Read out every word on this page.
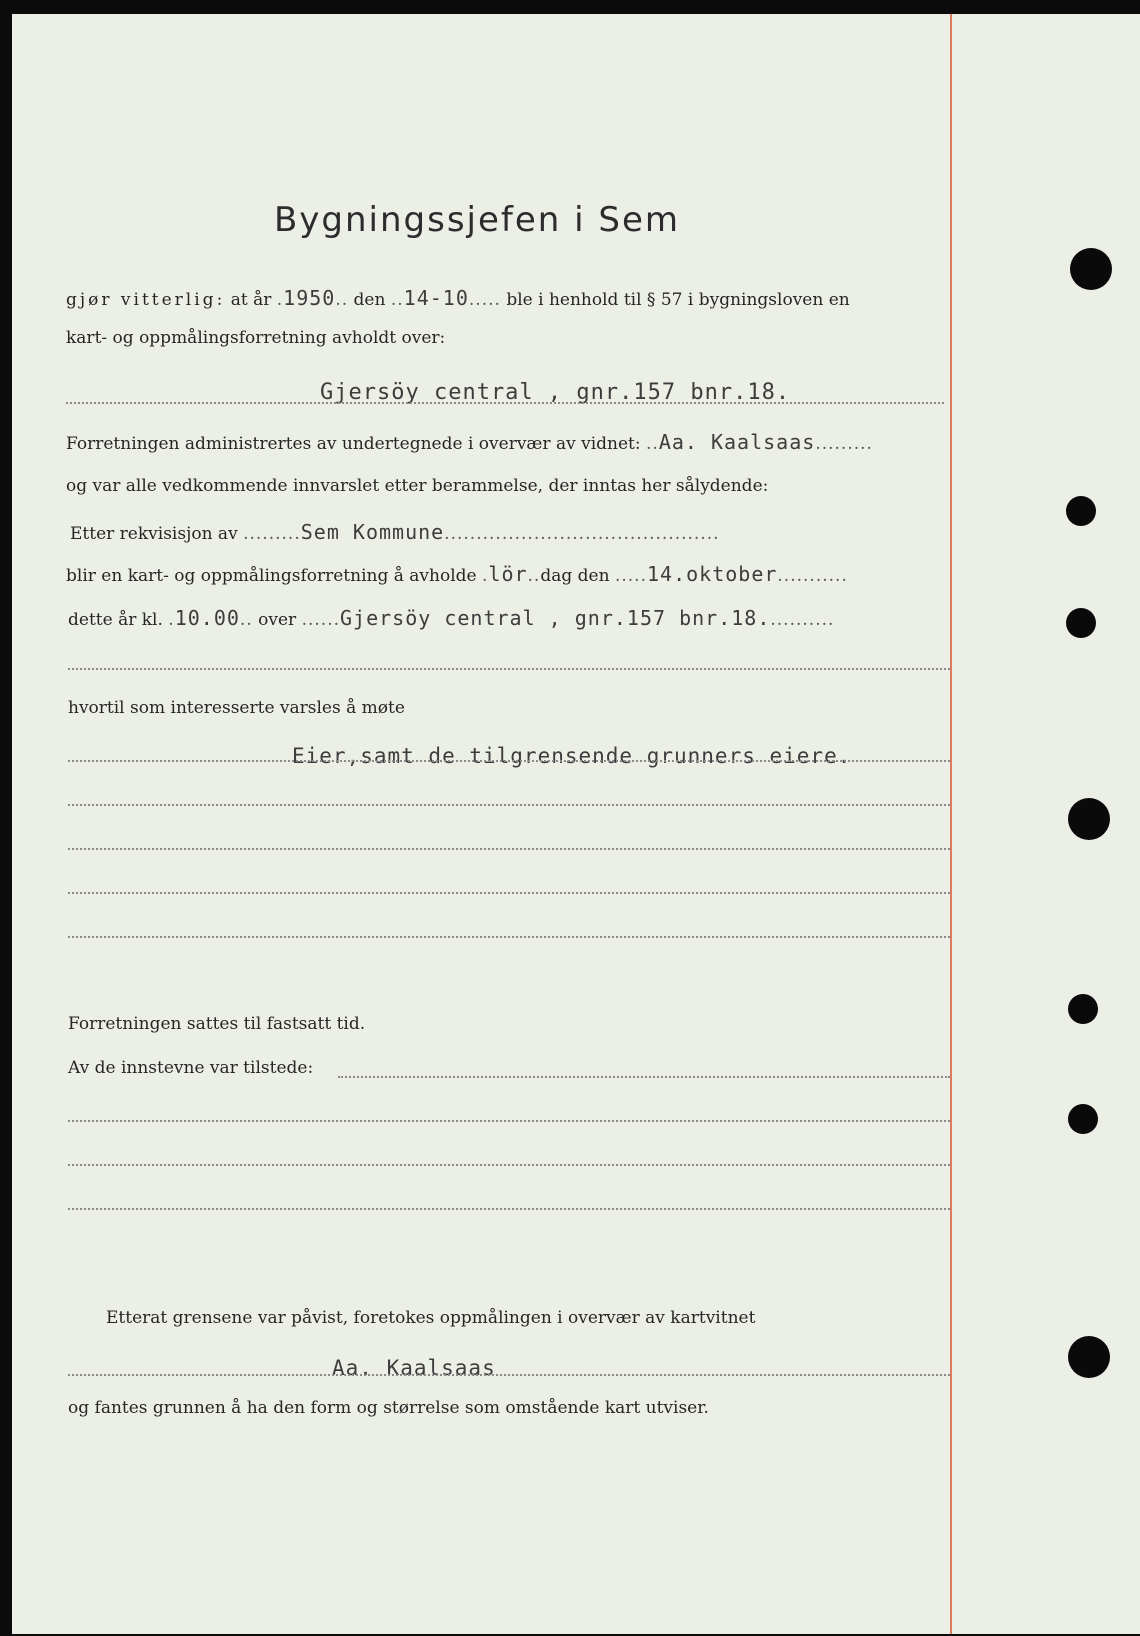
Bygningssjefen i Sem
gjør vitterlig: at år .1950.. den ..14-10..... ble i henhold til § 57 i bygningsloven en
kart- og oppmålingsforretning avholdt over:
Gjersöy central , gnr.157 bnr.18.
Forretningen administrertes av undertegnede i overvær av vidnet: ..Aa. Kaalsaas.........
og var alle vedkommende innvarslet etter berammelse, der inntas her sålydende:
Etter rekvisisjon av .........Sem Kommune...........................................
blir en kart- og oppmålingsforretning å avholde .lör..dag den .....14.oktober...........
dette år kl. .10.00.. over ......Gjersöy central , gnr.157 bnr.18...........
hvortil som interesserte varsles å møte
Eier,samt de tilgrensende grunners eiere.
Forretningen sattes til fastsatt tid.
Av de innstevne var tilstede:
Etterat grensene var påvist, foretokes oppmålingen i overvær av kartvitnet
Aa. Kaalsaas
og fantes grunnen å ha den form og størrelse som omstående kart utviser.
